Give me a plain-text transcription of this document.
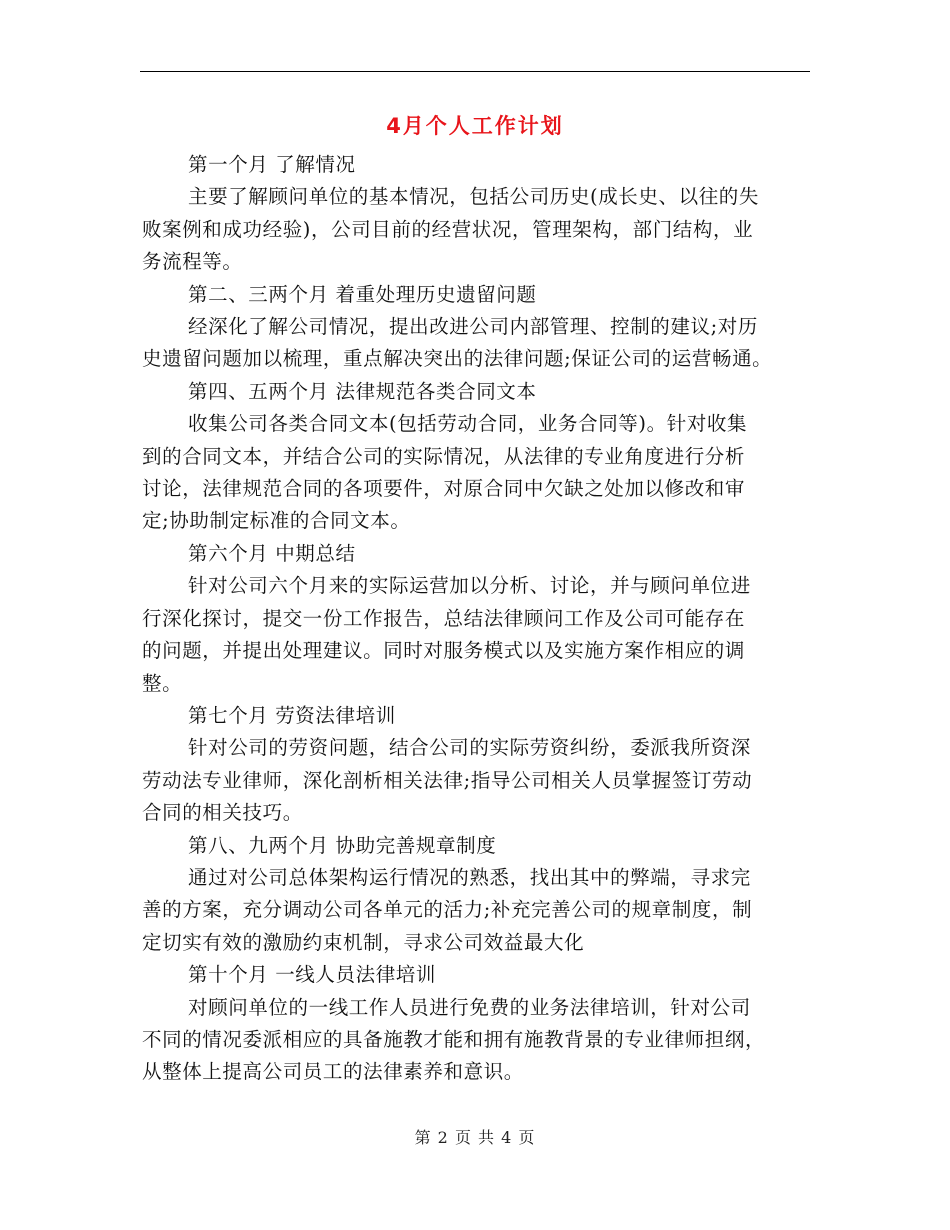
4月个人工作计划

第一个月 了解情况

主要了解顾问单位的基本情况，包括公司历史(成长史、以往的失

败案例和成功经验)，公司目前的经营状况，管理架构，部门结构，业

务流程等。

第二、三两个月 着重处理历史遗留问题

经深化了解公司情况，提出改进公司内部管理、控制的建议;对历

史遗留问题加以梳理，重点解决突出的法律问题;保证公司的运营畅通。

第四、五两个月 法律规范各类合同文本

收集公司各类合同文本(包括劳动合同，业务合同等)。针对收集

到的合同文本，并结合公司的实际情况，从法律的专业角度进行分析

讨论，法律规范合同的各项要件，对原合同中欠缺之处加以修改和审

定;协助制定标准的合同文本。

第六个月 中期总结

针对公司六个月来的实际运营加以分析、讨论，并与顾问单位进

行深化探讨，提交一份工作报告，总结法律顾问工作及公司可能存在

的问题，并提出处理建议。同时对服务模式以及实施方案作相应的调

整。

第七个月 劳资法律培训

针对公司的劳资问题，结合公司的实际劳资纠纷，委派我所资深

劳动法专业律师，深化剖析相关法律;指导公司相关人员掌握签订劳动

合同的相关技巧。

第八、九两个月 协助完善规章制度

通过对公司总体架构运行情况的熟悉，找出其中的弊端，寻求完

善的方案，充分调动公司各单元的活力;补充完善公司的规章制度，制

定切实有效的激励约束机制，寻求公司效益最大化

第十个月 一线人员法律培训

对顾问单位的一线工作人员进行免费的业务法律培训，针对公司

不同的情况委派相应的具备施教才能和拥有施教背景的专业律师担纲，

从整体上提高公司员工的法律素养和意识。

第 2 页 共 4 页
